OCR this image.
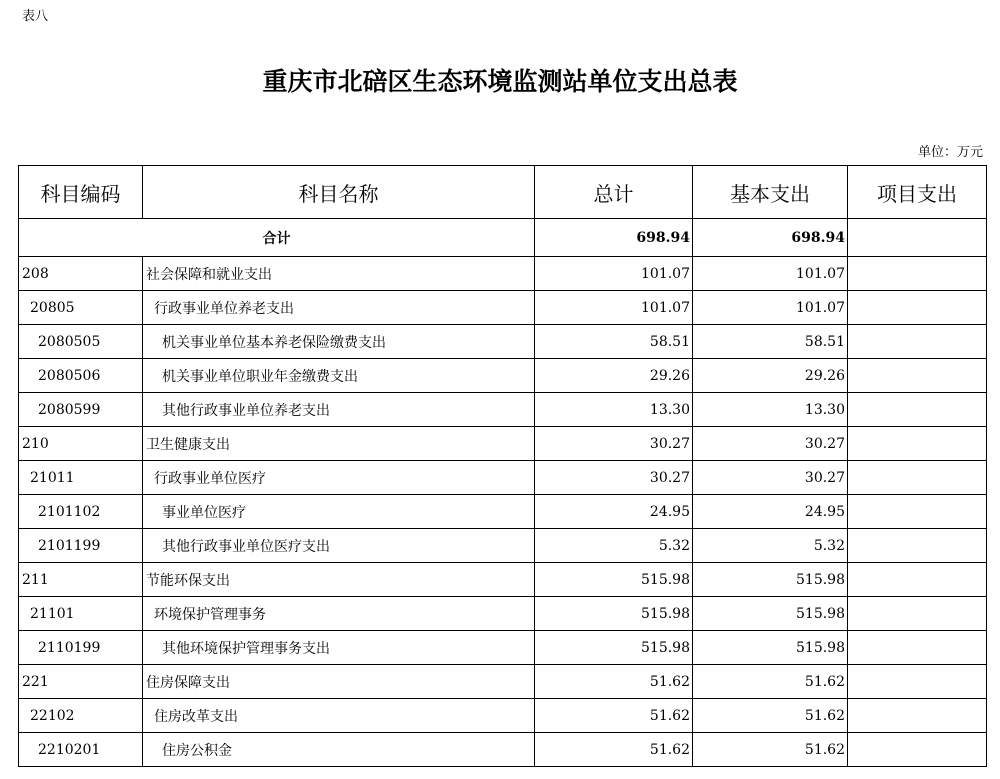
表八
重庆市北碚区生态环境监测站单位支出总表
单位：万元
科目编码	科目名称	总计	基本支出	项目支出
合计		698.94	698.94	
208	社会保障和就业支出	101.07	101.07	
20805	行政事业单位养老支出	101.07	101.07	
2080505	机关事业单位基本养老保险缴费支出	58.51	58.51	
2080506	机关事业单位职业年金缴费支出	29.26	29.26	
2080599	其他行政事业单位养老支出	13.30	13.30	
210	卫生健康支出	30.27	30.27	
21011	行政事业单位医疗	30.27	30.27	
2101102	事业单位医疗	24.95	24.95	
2101199	其他行政事业单位医疗支出	5.32	5.32	
211	节能环保支出	515.98	515.98	
21101	环境保护管理事务	515.98	515.98	
2110199	其他环境保护管理事务支出	515.98	515.98	
221	住房保障支出	51.62	51.62	
22102	住房改革支出	51.62	51.62	
2210201	住房公积金	51.62	51.62	
